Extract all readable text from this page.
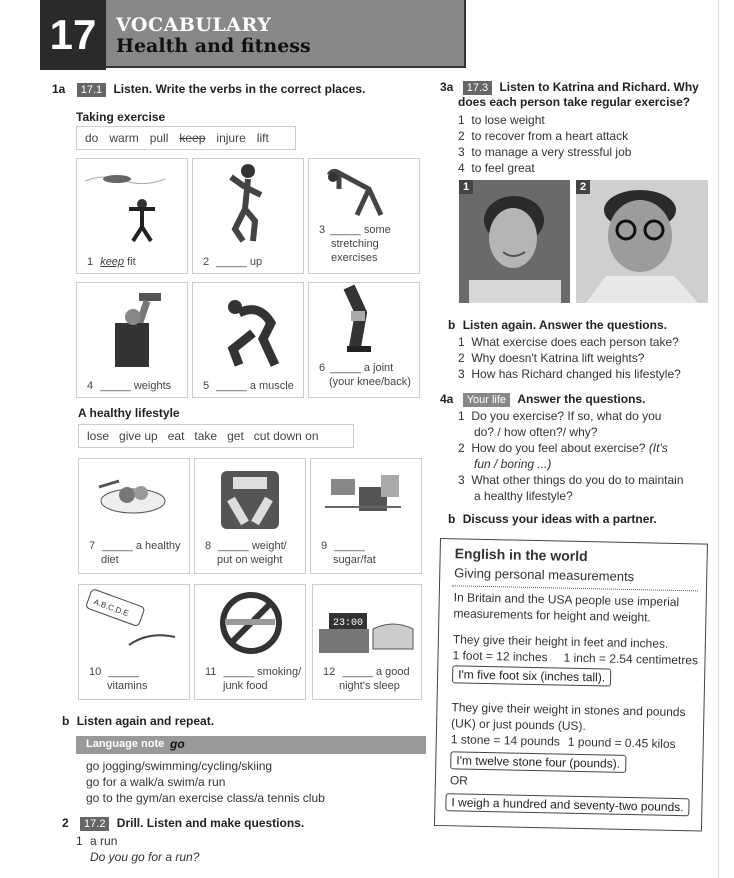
17	VOCABULARY
Health and fitness
1a 17.1 Listen. Write the verbs in the correct places.
Taking exercise
do warm pull keep injure lift
1 keep fit	2 _____ up
3 _____ some
stretching
exercises
4 _____ weights	5 _____ a muscle
6 _____ a joint
(your knee/back)
A healthy lifestyle
lose give up eat take get cut down on
7 _____ a healthy
diet
8 _____ weight/
put on weight
9 _____
sugar/fat
A.B.C.D.E
10 _____
vitamins
11 _____ smoking/
junk food
23:00
12 _____ a good
night's sleep
b Listen again and repeat.
Language note go
go jogging/swimming/cycling/skiing
go for a walk/a swim/a run
go to the gym/an exercise class/a tennis club
2 17.2 Drill. Listen and make questions.
1 a run
Do you go for a run?
3a 17.3 Listen to Katrina and Richard. Why
does each person take regular exercise?
1 to lose weight
2 to recover from a heart attack
3 to manage a very stressful job
4 to feel great
1	2
b Listen again. Answer the questions.
1 What exercise does each person take?
2 Why doesn't Katrina lift weights?
3 How has Richard changed his lifestyle?
4a Your life Answer the questions.
1 Do you exercise? If so, what do you
do? / how often?/ why?
2 How do you feel about exercise? (It's
fun / boring ...)
3 What other things do you do to maintain
a healthy lifestyle?
b Discuss your ideas with a partner.
English in the world
Giving personal measurements
In Britain and the USA people use imperial
measurements for height and weight.
They give their height in feet and inches.
1 foot = 12 inches 1 inch = 2.54 centimetres
I'm five foot six (inches tall).
They give their weight in stones and pounds
(UK) or just pounds (US).
1 stone = 14 pounds 1 pound = 0.45 kilos
I'm twelve stone four (pounds).
OR
I weigh a hundred and seventy-two pounds.
